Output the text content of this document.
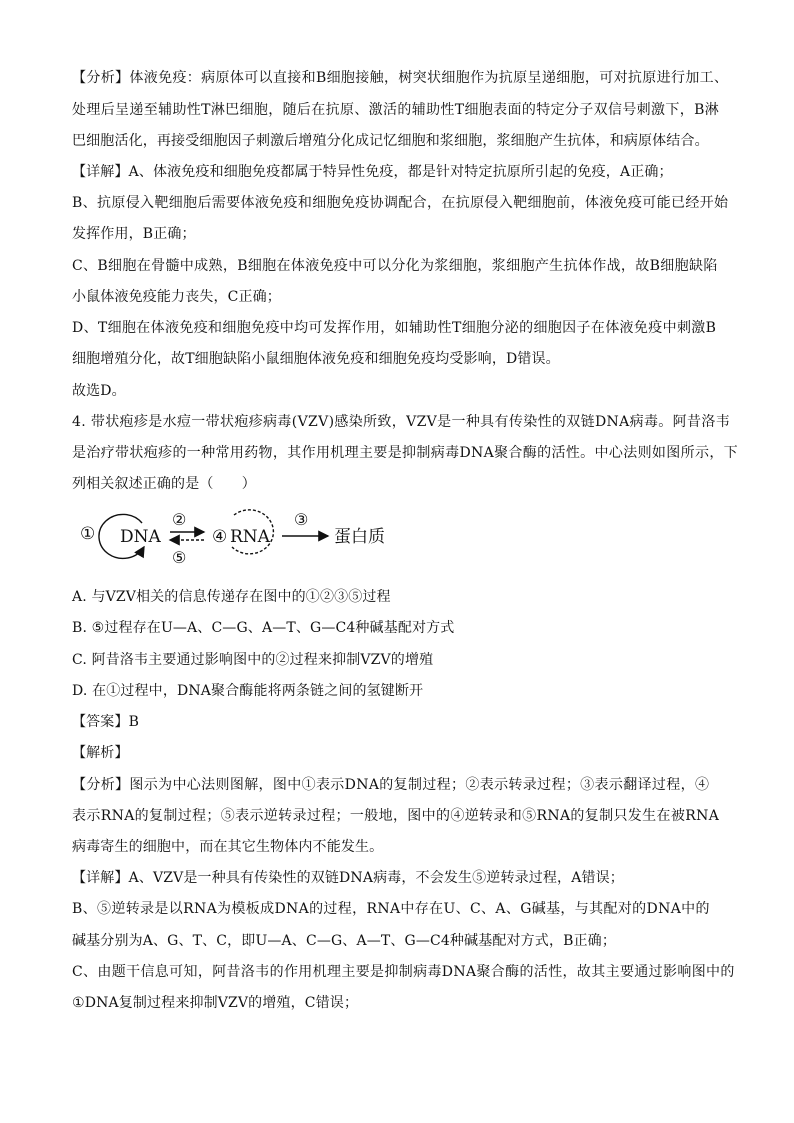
【分析】体液免疫：病原体可以直接和B细胞接触，树突状细胞作为抗原呈递细胞，可对抗原进行加工、
处理后呈递至辅助性T淋巴细胞，随后在抗原、激活的辅助性T细胞表面的特定分子双信号刺激下，B淋
巴细胞活化，再接受细胞因子刺激后增殖分化成记忆细胞和浆细胞，浆细胞产生抗体，和病原体结合。
【详解】A、体液免疫和细胞免疫都属于特异性免疫，都是针对特定抗原所引起的免疫，A正确；
B、抗原侵入靶细胞后需要体液免疫和细胞免疫协调配合，在抗原侵入靶细胞前，体液免疫可能已经开始
发挥作用，B正确；
C、B细胞在骨髓中成熟，B细胞在体液免疫中可以分化为浆细胞，浆细胞产生抗体作战，故B细胞缺陷
小鼠体液免疫能力丧失，C正确；
D、T细胞在体液免疫和细胞免疫中均可发挥作用，如辅助性T细胞分泌的细胞因子在体液免疫中刺激B
细胞增殖分化，故T细胞缺陷小鼠细胞体液免疫和细胞免疫均受影响，D错误。
故选D。
4. 带状疱疹是水痘一带状疱疹病毒(VZV)感染所致，VZV是一种具有传染性的双链DNA病毒。阿昔洛韦
是治疗带状疱疹的一种常用药物，其作用机理主要是抑制病毒DNA聚合酶的活性。中心法则如图所示，下
列相关叙述正确的是（　　）
① DNA
②
⑤
④ RNA
③
蛋白质
A. 与VZV相关的信息传递存在图中的①②③⑤过程
B. ⑤过程存在U—A、C—G、A—T、G—C4种碱基配对方式
C. 阿昔洛韦主要通过影响图中的②过程来抑制VZV的增殖
D. 在①过程中，DNA聚合酶能将两条链之间的氢键断开
【答案】B
【解析】
【分析】图示为中心法则图解，图中①表示DNA的复制过程；②表示转录过程；③表示翻译过程，④
表示RNA的复制过程；⑤表示逆转录过程；一般地，图中的④逆转录和⑤RNA的复制只发生在被RNA
病毒寄生的细胞中，而在其它生物体内不能发生。
【详解】A、VZV是一种具有传染性的双链DNA病毒，不会发生⑤逆转录过程，A错误；
B、⑤逆转录是以RNA为模板成DNA的过程，RNA中存在U、C、A、G碱基，与其配对的DNA中的
碱基分别为A、G、T、C，即U—A、C—G、A—T、G—C4种碱基配对方式，B正确；
C、由题干信息可知，阿昔洛韦的作用机理主要是抑制病毒DNA聚合酶的活性，故其主要通过影响图中的
①DNA复制过程来抑制VZV的增殖，C错误；
